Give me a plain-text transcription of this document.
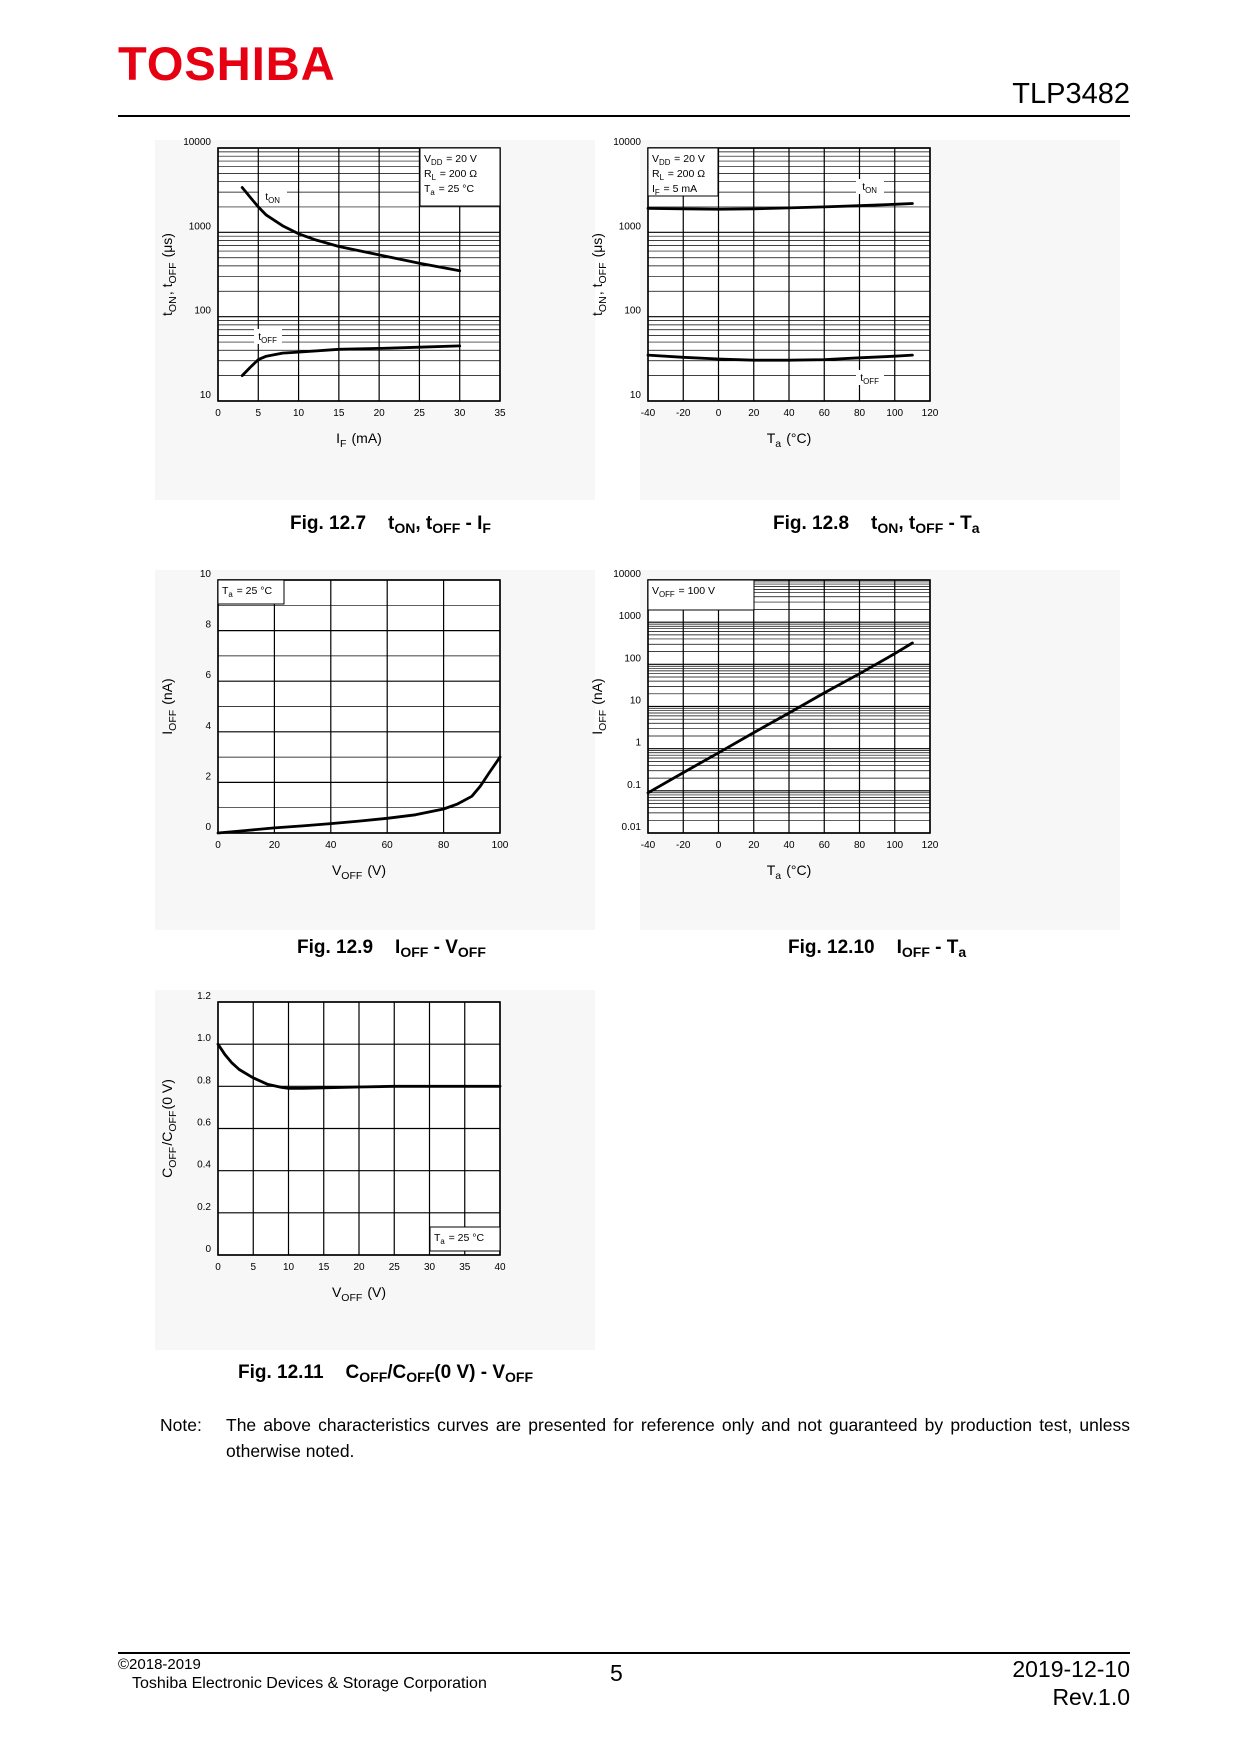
TOSHIBA
TLP3482
10
100
1000
10000
0	5	10	15	20	25	30	35
$V_{DD}$  = 20 V
$R_L$  = 200 Ω
$T_a$  = 25 °C
$t_{ON}$ 
$t_{OFF}$ 
$I_F$  (mA)
$t_{ON}$ , $t_{OFF}$  (μs)
Fig. 12.7 $t_{ON}$, $t_{OFF} - I_F$
10
100
1000
10000
-40 -20	0	20 40 60 80 100 120
$V_{DD}$  = 20 V
$R_L$  = 200 Ω
$I_F$  = 5 mA	$t_{ON}$ 
$t_{OFF}$ 
$T_a$  (°C)
$t_{ON}$ , $t_{OFF}$  (μs)
Fig. 12.8 $t_{ON}$, $t_{OFF} - T_a$
0
2
4
6
8
10
0	20	40	60	80	100
$T_a$  = 25 °C
$V_{OFF}$  (V)
$I_{OFF}$  (nA)
Fig. 12.9 $I_{OFF} - V_{OFF}$
0.01
0.1
1
10
100
1000
10000
-40 -20	0	20 40 60 80 100 120
$V_{OFF}$  = 100 V
$T_a$  (°C)
$I_{OFF}$  (nA)
Fig. 12.10 $I_{OFF} - T_a$
0
0.2
0.4
0.6
0.8
1.0
1.2
0	5	10 15 20 25 30 35 40
$T_a$  = 25 °C
$V_{OFF}$  (V)
$C_{OFF}$ $/C_{OFF}$ (0 V)
Fig. 12.11 $C_{OFF}/C_{OFF}(0$ $V) - V_{OFF}$
Note: The above characteristics curves are presented for reference only and not guaranteed by production test, unless otherwise noted.
©2018-2019
Toshiba Electronic Devices & Storage Corporation	5	2019-12-10
Rev.1.0
